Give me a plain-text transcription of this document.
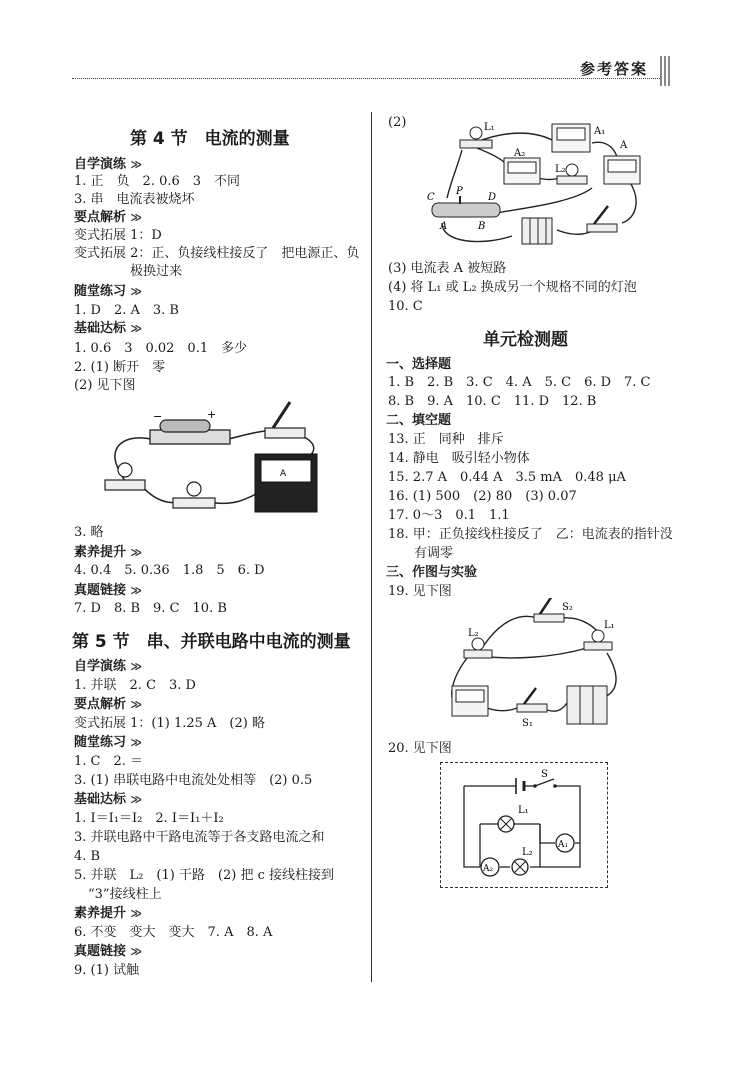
参考答案
第 4 节　电流的测量
自学演练 ≫
1. 正　负　2. 0.6　3　不同
3. 串　电流表被烧坏
要点解析 ≫
变式拓展 1：D
变式拓展 2：正、负接线柱接反了　把电源正、负
极换过来
随堂练习 ≫
1. D　2. A　3. B
基础达标 ≫
1. 0.6　3　0.02　0.1　多少
2. (1) 断开　零
(2) 见下图
−	+
A
3. 略
素养提升 ≫
4. 0.4　5. 0.36　1.8　5　6. D
真题链接 ≫
7. D　8. B　9. C　10. B
第 5 节　串、并联电路中电流的测量
自学演练 ≫
1. 并联　2. C　3. D
要点解析 ≫
变式拓展 1：(1) 1.25 A　(2) 略
随堂练习 ≫
1. C　2. ＝
3. (1) 串联电路中电流处处相等　(2) 0.5
基础达标 ≫
1. I＝I₁＝I₂　2. I＝I₁＋I₂
3. 并联电路中干路电流等于各支路电流之和
4. B
5. 并联　L₂　(1) 干路　(2) 把 c 接线柱接到
“3”接线柱上
素养提升 ≫
6. 不变　变大　变大　7. A　8. A
真题链接 ≫
9. (1) 试触
(2)	L₁	A₁
A₂
A
L₂
C
P
D
A	B
(3) 电流表 A 被短路
(4) 将 L₁ 或 L₂ 换成另一个规格不同的灯泡
10. C
单元检测题
一、选择题
1. B　2. B　3. C　4. A　5. C　6. D　7. C
8. B　9. A　10. C　11. D　12. B
二、填空题
13. 正　同种　排斥
14. 静电　吸引轻小物体
15. 2.7 A　0.44 A　3.5 mA　0.48 μA
16. (1) 500　(2) 80　(3) 0.07
17. 0～3　0.1　1.1
18. 甲：正负接线柱接反了　乙：电流表的指针没
有调零
三、作图与实验
19. 见下图
S₂
L₂
L₁
S₁
20. 见下图
S
L₁
L₂
A₂
A₁
